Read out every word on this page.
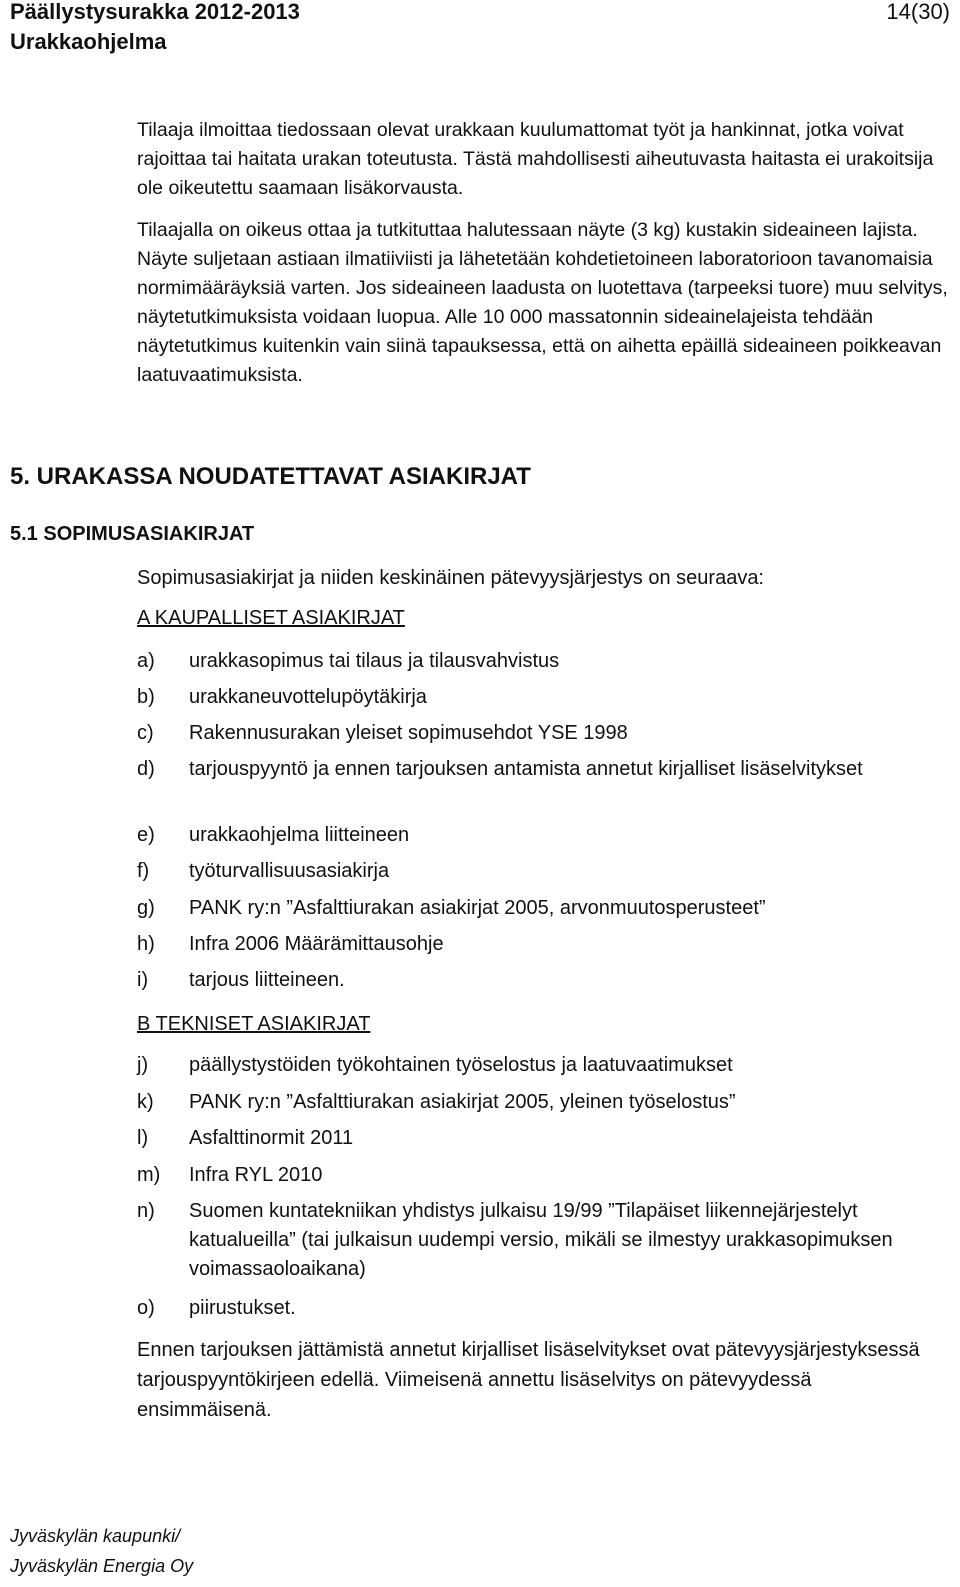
Päällystysurakka 2012-2013
Urakkaohjelma
14(30)

Tilaaja ilmoittaa tiedossaan olevat urakkaan kuulumattomat työt ja hankinnat, jotka voivat rajoittaa tai haitata urakan toteutusta. Tästä mahdollisesti aiheutuvasta haitasta ei urakoitsija ole oikeutettu saamaan lisäkorvausta.

Tilaajalla on oikeus ottaa ja tutkituttaa halutessaan näyte (3 kg) kustakin sideaineen lajista. Näyte suljetaan astiaan ilmatiiviisti ja lähetetään kohdetietoineen laboratorioon tavanomaisia normimääräyksiä varten. Jos sideaineen laadusta on luotettava (tarpeeksi tuore) muu selvitys, näytetutkimuksista voidaan luopua. Alle 10 000 massatonnin sideainelajeista tehdään näytetutkimus kuitenkin vain siinä tapauksessa, että on aihetta epäillä sideaineen poikkeavan laatuvaatimuksista.

5. URAKASSA NOUDATETTAVAT ASIAKIRJAT
5.1 SOPIMUSASIAKIRJAT
Sopimusasiakirjat ja niiden keskinäinen pätevyysjärjestys on seuraava:
A KAUPALLISET ASIAKIRJAT
a) urakkasopimus tai tilaus ja tilausvahvistus
b) urakkaneuvottelupöytäkirja
c) Rakennusurakan yleiset sopimusehdot YSE 1998
d) tarjouspyyntö ja ennen tarjouksen antamista annetut kirjalliset lisäselvitykset
e) urakkaohjelma liitteineen
f) työturvallisuusasiakirja
g) PANK ry:n ”Asfalttiurakan asiakirjat 2005, arvonmuutosperusteet”
h) Infra 2006 Määrämittausohje
i) tarjous liitteineen.
B TEKNISET ASIAKIRJAT
j) päällystystöiden työkohtainen työselostus ja laatuvaatimukset
k) PANK ry:n ”Asfalttiurakan asiakirjat 2005, yleinen työselostus”
l) Asfalttinormit 2011
m) Infra RYL 2010
n) Suomen kuntatekniikan yhdistys julkaisu 19/99 ”Tilapäiset liikennejärjestelyt katualueilla” (tai julkaisun uudempi versio, mikäli se ilmestyy urakkasopimuksen voimassaoloaikana)
o) piirustukset.

Ennen tarjouksen jättämistä annetut kirjalliset lisäselvitykset ovat pätevyysjärjestyksessä tarjouspyyntökirjeen edellä. Viimeisenä annettu lisäselvitys on pätevyydessä ensimmäisenä.

Jyväskylän kaupunki/
Jyväskylän Energia Oy
